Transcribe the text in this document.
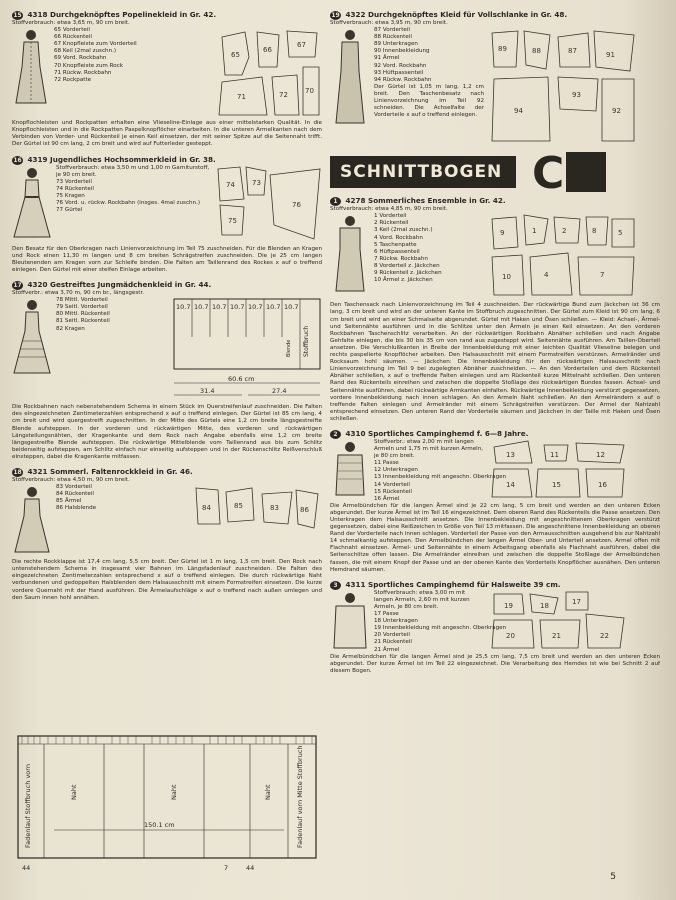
15 4318 Durchgeknöpftes Popelinekleid in Gr. 42.
Stoffverbrauch: etwa 3,65 m, 90 cm breit.
65 Vorderteil
66 Rückenteil
67 Knopfleiste zum Vorderteil
68 Keil (2mal zuschn.)
69 Vord. Rockbahn
70 Knopfleiste zum Rock
71 Rückw. Rockbahn
72 Rockpatte
65
66
67
71	72 70

Knopflochleisten und Rockpatten erhalten eine Vlieseline-Einlage aus einer mittelstarken Qualität. In die Knopflochleisten und in die Rockpatten Paspelknopflöcher einarbeiten. In die unteren Armelkanten nach dem Verbinden von Vorder- und Rückenteil je einen Keil einsetzen, der mit seiner Spitze auf die Seitennaht trifft. Der Gürtel ist 90 cm lang, 2 cm breit und wird auf Futterleder gesteppt.

16 4319 Jugendliches Hochsommerkleid in Gr. 38.
Stoffverbrauch: etwa 3,50 m und 1,00 m Garniturstoff, je 90 cm breit.
73 Vorderteil
74 Rückenteil
75 Kragen
76 Vord. u. rückw. Rockbahn (insges. 4mal zuschn.)
77 Gürtel
74 73
76
75

Den Besatz für den Oberkragen nach Linienvorzeichnung im Teil 75 zuschneiden. Für die Blenden an Kragen und Rock einen 11,30 m langen und 8 cm breiten Schrägstreifen zuschneiden. Die je 25 cm langen Bleutenenden am Kragen vorn zur Schleife binden. Die Falten am Taillenrand des Rockes x auf o treffend einlegen. Den Gürtel mit einer steifen Einlage arbeiten.

17 4320 Gestreiftes Jungmädchenkleid in Gr. 44.
Stoffverbr.: etwa 3,70 m, 90 cm br., längsgestr.
78 Mittl. Vorderteil
79 Seitl. Vorderteil
80 Mittl. Rückenteil
81 Seitl. Rückenteil
82 Kragen
10.7 10.7 10.7 10.7 10.7 10.7 10.7
60.6 cm
31.4	27.4
Stoffbruch
Blende

Die Rockbahnen nach nebenstehendem Schema in einem Stück im Querstreifenlauf zuschneiden. Die Falten des eingezeichneten Zentimeterzahlen entsprechend x auf o treffend einlegen. Der Gürtel ist 85 cm lang, 4 cm breit und wird quergestreift zugeschnitten. In der Mitte des Gürtels eine 1,2 cm breite längsgestreifte Blende aufsteppen. In der vorderen und rückwärtigen Mitte, des vorderen und rückwärtigen Längsteilungsnähten, der Kragenkante und dem Rock nach Angabe ebenfalls eine 1,2 cm breite längsgestreifte Blende aufsteppen. Die rückwärtige Mittelblende vom Taillenrand aus bis zum Schlitz beiderseitig aufsteppen, am Schlitz einfach nur einseitig aufsteppen und in der Rückenschlitz Reißverschluß einsteppen, dabei die Kragenkante mitfassen.

18 4321 Sommerl. Faltenrockkleid in Gr. 46.
Stoffverbrauch: etwa 4,50 m, 90 cm breit.
83 Vorderteil
84 Rückenteil
85 Ärmel
86 Halsblende	84	85	83	86

Die rechte Rockklappe ist 17,4 cm lang, 5,5 cm breit. Der Gürtel ist 1 m lang, 1,5 cm breit. Den Rock nach untenstehendem Schema in insgesamt vier Bahnen im Längsfadenlauf zuschneiden. Die Falten des eingezeichneten Zentimeterzahlen entsprechend x auf o treffend einlegen. Die durch rückwärtige Naht verbundenen und gedoppelten Halsblenden dem Halsausschnitt mit einem Formstreifen einsetzen. Die kurze vordere Quernaht mit der Hand ausführen. Die Ärmelaufschläge x auf o treffend nach außen umlegen und den Saum innen hohl annähen.

Fadenlauf Stoffbruch vorn	Fadenlauf vorn Mitte Stoffbruch
Naht	Naht	Naht
150.1 cm
44	7	44
19 4322 Durchgeknöpftes Kleid für Vollschlanke in Gr. 48.
Stoffverbrauch: etwa 3,95 m, 90 cm breit.
87 Vorderteil
88 Rückenteil
89 Unterkragen
90 Innenbekleidung
91 Ärmel
92 Vord. Rockbahn
93 Hüftpassenteil
94 Rückw. Rockbahn

Der Gürtel ist 1,05 m lang, 1,2 cm breit. Den Taschenbesatz nach Linienvorzeichnung im Teil 92 schneiden. Die Achselfalte der Vorderteile x auf o treffend einlegen.

89	88	87	91
94
93
92
SCHNITTBOGEN C
1 4278 Sommerliches Ensemble in Gr. 42.
Stoffverbrauch: etwa 4,85 m, 90 cm breit.
1 Vorderteil
2 Rückenteil
3 Keil (2mal zuschn.)
4 Vord. Rockbahn
5 Taschenpatte
6 Hüftpassenteil
7 Rückw. Rockbahn
8 Vorderteil z. Jäckchen
9 Rückenteil z. Jäckchen
10 Ärmel z. Jäckchen
9	1	2	8	5
10	4	7

Den Taschensack nach Linienvorzeichnung im Teil 4 zuschneiden. Der rückwärtige Bund zum Jäckchen ist 36 cm lang, 3 cm breit und wird an der unteren Kante im Stoffbruch zugeschnitten. Der Gürtel zum Kleid ist 90 cm lang, 6 cm breit und wird an einer Schmalseite abgerundet. Gürtel mit Haken und Ösen schließen. — Kleid: Achsel-, Ärmel- und Seitennähte ausführen und in die Schlitze unter den Ärmeln je einen Keil einsetzen. An den vorderen Rockbahnen Taschenschlitz verarbeiten. An der rückwärtigen Rockbahn Abnäher schließen und nach Angabe Gehfalte einlegen, die bis 30 bis 35 cm von rand aus zugesteppt wird. Seitennähte ausführen. Am Taillen-Oberteil ansetzen. Die Verschlußkanten in Breite der Innenbekleidung mit einer leichten Qualität Vlieseline belegen und rechts paspelierte Knopflöcher arbeiten. Den Halsausschnitt mit einem Formstreifen verstürzen. Armelränder und Rocksaum hohl säumen. — Jäckchen: Die Innenbekleidung für den rückwärtigen Halsausschnitt nach Linienvorzeichnung im Teil 9 bei zugelegten Abnäher zuschneiden. — An den Vorderteilen und dem Rückenteil Abnäher schließen, x auf o treffende Falten einlegen und am Rückenteil kurze Mittelnaht schließen. Den unteren Rand des Rückenteils einreihen und zwischen die doppelte Stoßlage des rückwärtigen Bundes fassen. Achsel- und Seitennähte ausführen, dabei rückwärtige Armkanten einfalten. Rückwärtige Innenbekleidung verstürzt gegensetzen, vordere Innenbekleidung nach innen schlagen. An den Armeln Naht schließen. An den Armelrändern x auf o treffende Falten einlegen und Armelränder mit einem Schrägstreifen verstürzen. Der Armel der Nahtzahl entsprechend einsetzen. Den unteren Rand der Vorderteile säumen und Jäckchen in der Taille mit Haken und Ösen schließen.

2 4310 Sportliches Campinghemd f. 6—8 Jahre.
Stoffverbr.: etwa 2,00 m mit langen Armeln und 1,75 m mit kurzen Armeln, je 80 cm breit.
11 Passe
12 Unterkragen
13 Innenbekleidung mit angeschn. Oberkragen
14 Vorderteil
15 Rückenteil
16 Ärmel
13	11	12
14	15	16

Die Armelbündchen für die langen Ärmel sind je 22 cm lang, 5 cm breit und werden an den unteren Ecken abgerundet. Der kurze Ärmel ist im Teil 16 eingezeichnet. Dem oberen Rand des Rückenteils die Passe ansetzen. Den Unterkragen dem Halsausschnitt ansetzen. Die Innenbekleidung mit angeschnittenem Oberkragen verstürzt gegensetzen, dabei eine Reißzeichen in Größe von Teil 13 mitfassen. Die angeschnittene Innenbekleidung an oberen Rand der Vorderteile nach innen schlagen. Vorderteil der Passe von den Armausschnitten ausgehend bis zur Nahtzahl 14 schmalkantig aufsteppen. Den Armelbündchen der langen Ärmel Ober- und Unterteil ansetzen. Armel offen mit Flachnaht einsetzen. Ärmel- und Seitennähte in einem Arbeitsgang ebenfalls als Flachnaht ausführen, dabei die Seitenschlitze offen lassen. Die Armelränder einreihen und zwischen die doppelte Stoßlage der Armelbündchen fassen, die mit einem Knopf der Passe und an der oberen Kante des Vorderteils Knopflöcher ausnähen. Den unteren Hemdrand säumen.

3 4311 Sportliches Campinghemd für Halsweite 39 cm.
Stoffverbrauch: etwa 3,00 m mit langen Armeln, 2,60 m mit kurzen Armeln, je 80 cm breit.
17 Passe
18 Unterkragen
19 Innenbekleidung mit angeschn. Oberkragen
20 Vorderteil
21 Rückenteil
21 Ärmel
19	18	17
20	21	22

Die Armelbündchen für die langen Ärmel sind je 25,5 cm lang, 7,5 cm breit und werden an den unteren Ecken abgerundet. Der kurze Ärmel ist im Teil 22 eingezeichnet. Die Verarbeitung des Hemdes ist wie bei Schnitt 2 auf diesem Bogen.

5
